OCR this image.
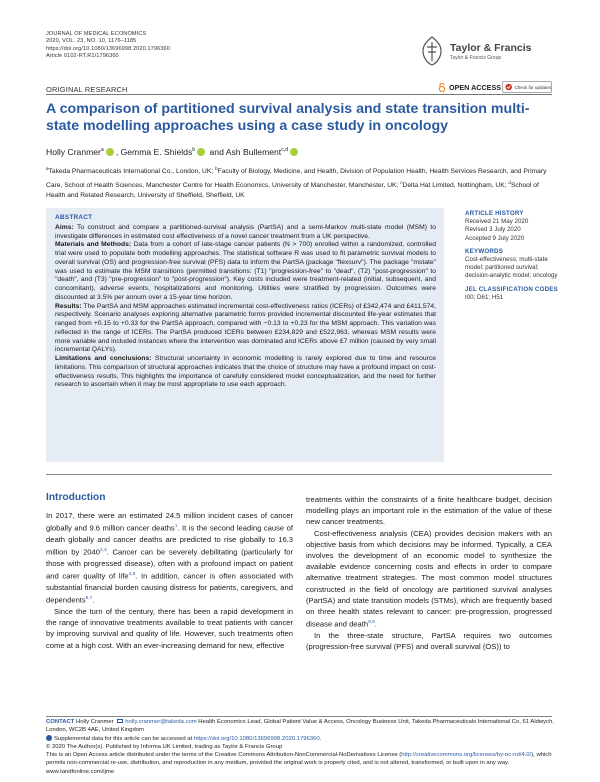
JOURNAL OF MEDICAL ECONOMICS
2020, VOL. 23, NO. 10, 1176–1185
https://doi.org/10.1080/13696998.2020.1796360
Article 0102-RT.R1/1796360
Taylor & Francis
Taylor & Francis Group
ORIGINAL RESEARCH	OPEN ACCESS	Check for updates
A comparison of partitioned survival analysis and state transition multi-state modelling approaches using a case study in oncology
Holly Cranmer$^a$ , Gemma E. Shields$^b$ and Ash Bullement$^{c,d}$
$^a$Takeda Pharmaceuticals International Co., London, UK; $^b$Faculty of Biology, Medicine, and Health, Division of Population Health, Health Services Research, and Primary Care, School of Health Sciences, Manchester Centre for Health Economics, University of Manchester, Manchester, UK; $^c$Delta Hat Limited, Nottingham, UK; $^d$School of Health and Related Research, University of Sheffield, Sheffield, UK
ABSTRACT

Aims: To construct and compare a partitioned-survival analysis (PartSA) and a semi-Markov multi-state model (MSM) to investigate differences in estimated cost effectiveness of a novel cancer treatment from a UK perspective.

Materials and Methods: Data from a cohort of late-stage cancer patients (N > 700) enrolled within a randomized, controlled trial were used to populate both modelling approaches. The statistical software R was used to fit parametric survival models to overall survival (OS) and progression-free survival (PFS) data to inform the PartSA (package "flexsurv"). The package "mstate" was used to estimate the MSM transitions (permitted transitions: (T1) "progression-free" to "dead", (T2) "post-progression" to "death", and (T3) "pre-progression" to "post-progression"). Key costs included were treatment-related (initial, subsequent, and concomitant), adverse events, hospitalizations and monitoring. Utilities were stratified by progression. Outcomes were discounted at 3.5% per annum over a 15-year time horizon.

Results: The PartSA and MSM approaches estimated incremental cost-effectiveness ratios (ICERs) of £342,474 and £411,574, respectively. Scenario analyses exploring alternative parametric forms provided incremental discounted life-year estimates that ranged from +0.15 to +0.33 for the PartSA approach, compared with −0.13 to +0.23 for the MSM approach. This variation was reflected in the range of ICERs. The PartSA produced ICERs between £234,829 and £522,963, whereas MSM results were more variable and included instances where the intervention was dominated and ICERs above £7 million (caused by very small incremental QALYs).

Limitations and conclusions: Structural uncertainty in economic modelling is rarely explored due to time and resource limitations. This comparison of structural approaches indicates that the choice of structure may have a profound impact on cost-effectiveness results. This highlights the importance of carefully considered model conceptualization, and the need for further research to ascertain when it may be most appropriate to use each approach.

ARTICLE HISTORY
Received 21 May 2020
Revised 3 July 2020
Accepted 9 July 2020
KEYWORDS
Cost-effectiveness; multi-state model; partitioned survival; decision-analytic model; oncology
JEL CLASSIFICATION CODES
I00; D61; H51
Introduction

In 2017, there were an estimated 24.5 million incident cases of cancer globally and 9.6 million cancer deaths$^1$. It is the second leading cause of death globally and cancer deaths are predicted to rise globally to 16.3 million by 2040$^{2,3}$. Cancer can be severely debilitating (particularly for those with progressed disease), often with a profound impact on patient and carer quality of life$^{4,5}$. In addition, cancer is often associated with substantial financial burden causing distress for patients, caregivers, and dependents$^{6,7}$.

Since the turn of the century, there has been a rapid development in the range of innovative treatments available to treat patients with cancer by improving survival and quality of life. However, such treatments often come at a high cost. With an ever-increasing demand for new, effective

treatments within the constraints of a finite healthcare budget, decision modelling plays an important role in the estimation of the value of these new cancer treatments.

Cost-effectiveness analysis (CEA) provides decision makers with an objective basis from which decisions may be informed. Typically, a CEA involves the development of an economic model to synthesize the available evidence concerning costs and effects in order to compare alternative treatment strategies. The most common model structures constructed in the field of oncology are partitioned survival analyses (PartSA) and state transition models (STMs), which are frequently based on three health states relevant to cancer: pre-progression, progressed disease and death$^{8,9}$.

In the three-state structure, PartSA requires two outcomes (progression-free survival (PFS) and overall survival (OS)) to

CONTACT Holly Cranmer holly.cranmer@takeda.com Health Economics Lead, Global Patient Value & Access, Oncology Business Unit, Takeda Pharmaceuticals International Co, 61 Aldwych, London, WC2B 4AE, United Kingdom
Supplemental data for this article can be accessed at https://doi.org/10.1080/13696998.2020.1796360.
© 2020 The Author(s). Published by Informa UK Limited, trading as Taylor & Francis Group
This is an Open Access article distributed under the terms of the Creative Commons Attribution-NonCommercial-NoDerivatives License (http://creativecommons.org/licenses/by-nc-nd/4.0/), which permits non-commercial re-use, distribution, and reproduction in any medium, provided the original work is properly cited, and is not altered, transformed, or built upon in any way.
www.tandfonline.com/ijme
